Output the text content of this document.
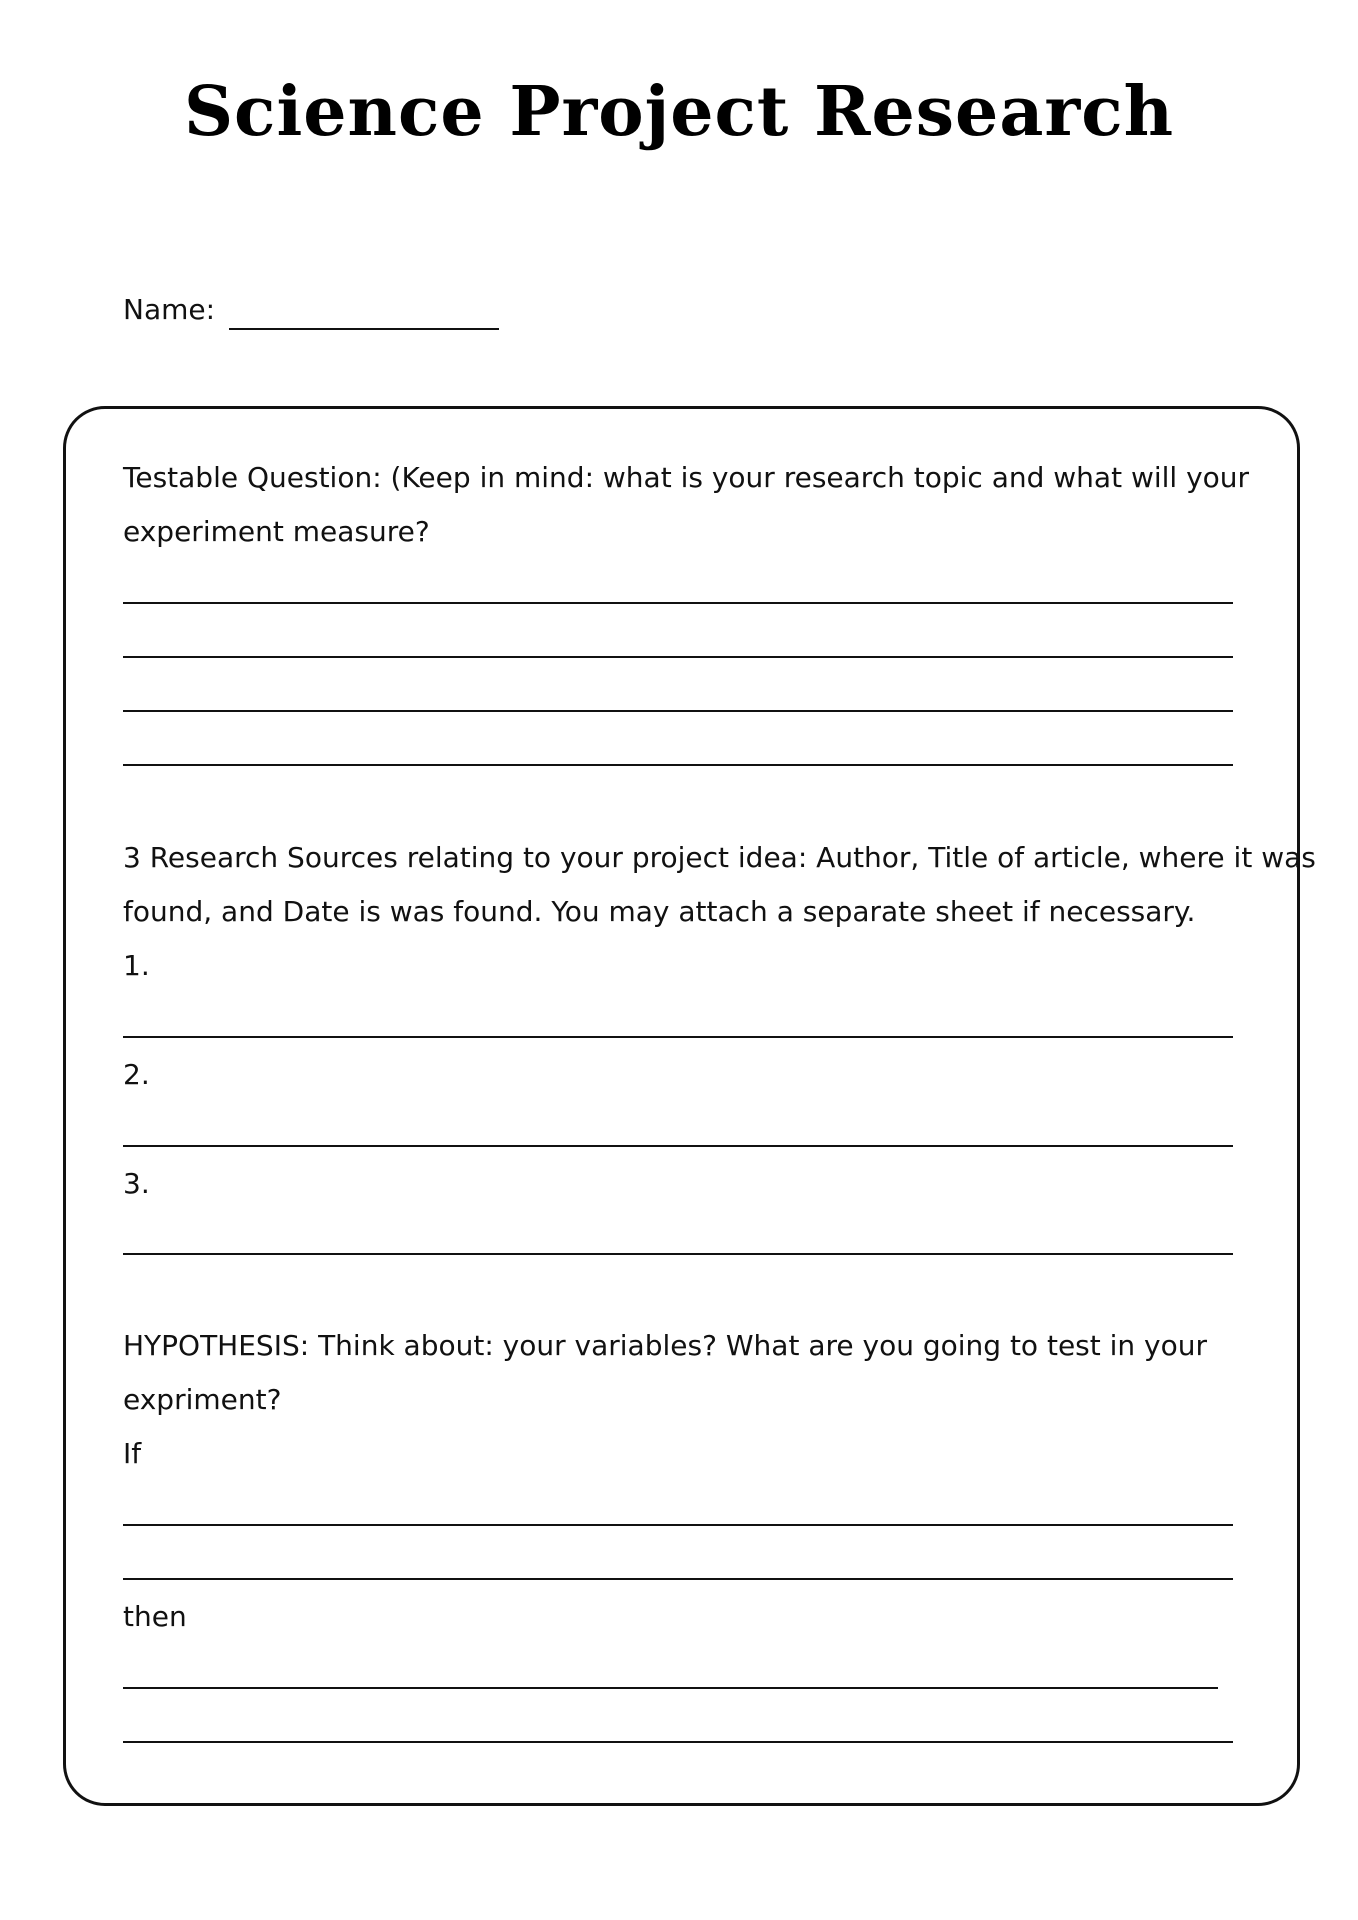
Science Project Research
Name:
Testable Question: (Keep in mind: what is your research topic and what will your
experiment measure?
3 Research Sources relating to your project idea: Author, Title of article, where it was
found, and Date is was found. You may attach a separate sheet if necessary.
1.
2.
3.
HYPOTHESIS: Think about: your variables? What are you going to test in your
expriment?
If
then
